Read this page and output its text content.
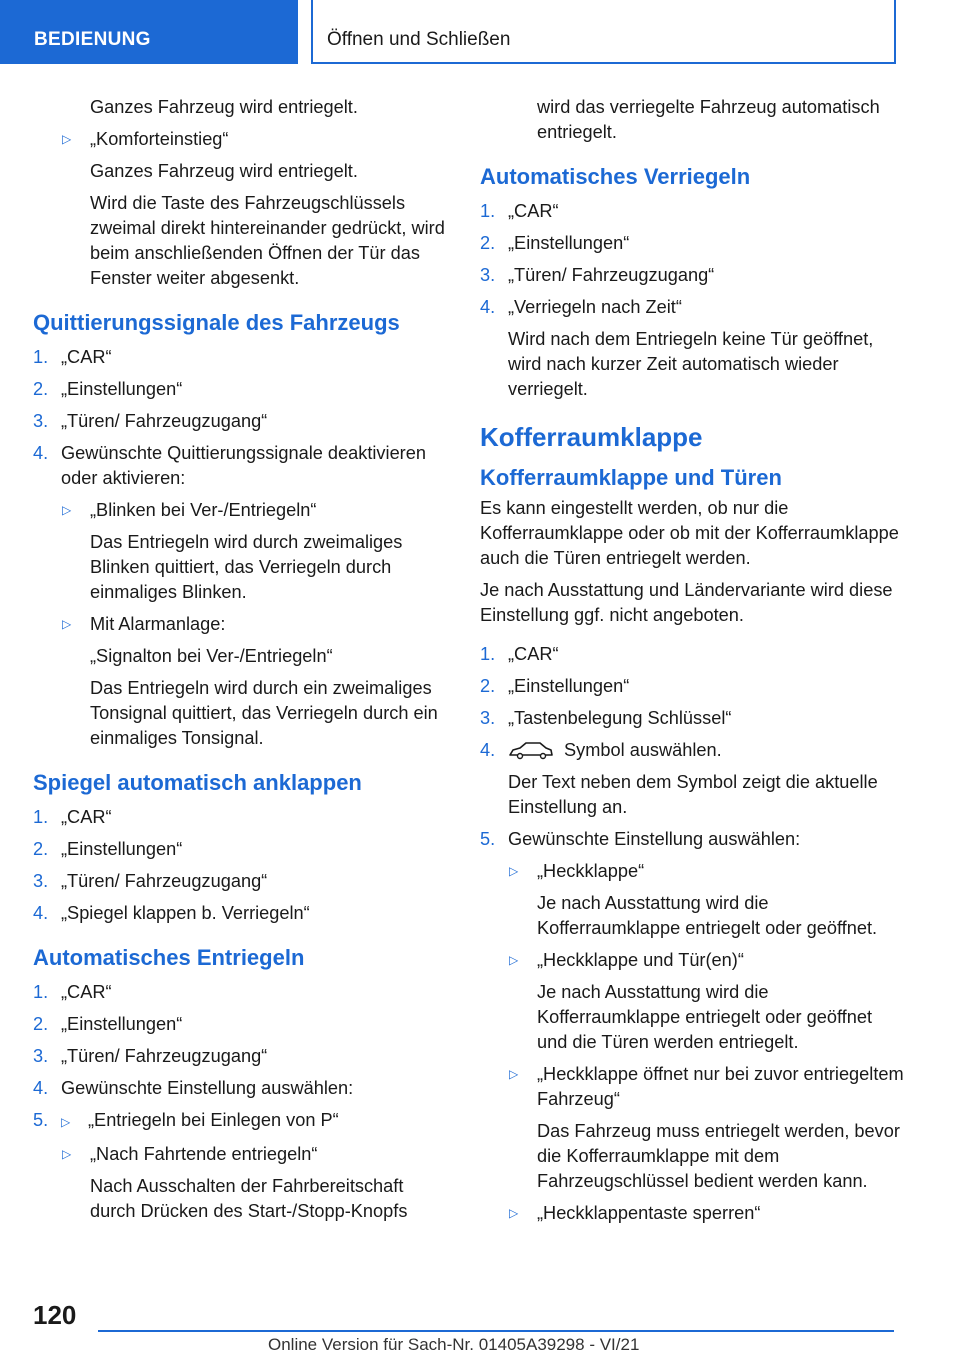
BEDIENUNG	Öffnen und Schließen
Ganzes Fahrzeug wird entriegelt.
▷ „Komforteinstieg“
Ganzes Fahrzeug wird entriegelt.
Wird die Taste des Fahrzeugschlüssels zweimal direkt hintereinander gedrückt, wird beim anschließenden Öffnen der Tür das Fenster weiter abgesenkt.
Quittierungssignale des Fahrzeugs
1. „CAR“
2. „Einstellungen“
3. „Türen/ Fahrzeugzugang“
4. Gewünschte Quittierungssignale deaktivieren oder aktivieren:
▷ „Blinken bei Ver-/Entriegeln“
Das Entriegeln wird durch zweimaliges Blinken quittiert, das Verriegeln durch einmaliges Blinken.
▷ Mit Alarmanlage:
„Signalton bei Ver-/Entriegeln“
Das Entriegeln wird durch ein zweimaliges Tonsignal quittiert, das Verriegeln durch ein einmaliges Tonsignal.
Spiegel automatisch anklappen
1. „CAR“
2. „Einstellungen“
3. „Türen/ Fahrzeugzugang“
4. „Spiegel klappen b. Verriegeln“
Automatisches Entriegeln
1. „CAR“
2. „Einstellungen“
3. „Türen/ Fahrzeugzugang“
4. Gewünschte Einstellung auswählen:
5. ▷ „Entriegeln bei Einlegen von P“
▷ „Nach Fahrtende entriegeln“
Nach Ausschalten der Fahrbereitschaft durch Drücken des Start-/Stopp-Knopfs
wird das verriegelte Fahrzeug automatisch entriegelt.
Automatisches Verriegeln
1. „CAR“
2. „Einstellungen“
3. „Türen/ Fahrzeugzugang“
4. „Verriegeln nach Zeit“
Wird nach dem Entriegeln keine Tür geöffnet, wird nach kurzer Zeit automatisch wieder verriegelt.
Kofferraumklappe
Kofferraumklappe und Türen
Es kann eingestellt werden, ob nur die Kofferraumklappe oder ob mit der Kofferraumklappe auch die Türen entriegelt werden.
Je nach Ausstattung und Ländervariante wird diese Einstellung ggf. nicht angeboten.
1. „CAR“
2. „Einstellungen“
3. „Tastenbelegung Schlüssel“
4.	Symbol auswählen.
Der Text neben dem Symbol zeigt die aktuelle Einstellung an.
5. Gewünschte Einstellung auswählen:
▷ „Heckklappe“
Je nach Ausstattung wird die Kofferraumklappe entriegelt oder geöffnet.
▷ „Heckklappe und Tür(en)“
Je nach Ausstattung wird die Kofferraumklappe entriegelt oder geöffnet und die Türen werden entriegelt.
▷ „Heckklappe öffnet nur bei zuvor entriegeltem Fahrzeug“
Das Fahrzeug muss entriegelt werden, bevor die Kofferraumklappe mit dem Fahrzeugschlüssel bedient werden kann.
▷ „Heckklappentaste sperren“
120
Online Version für Sach-Nr. 01405A39298 - VI/21
